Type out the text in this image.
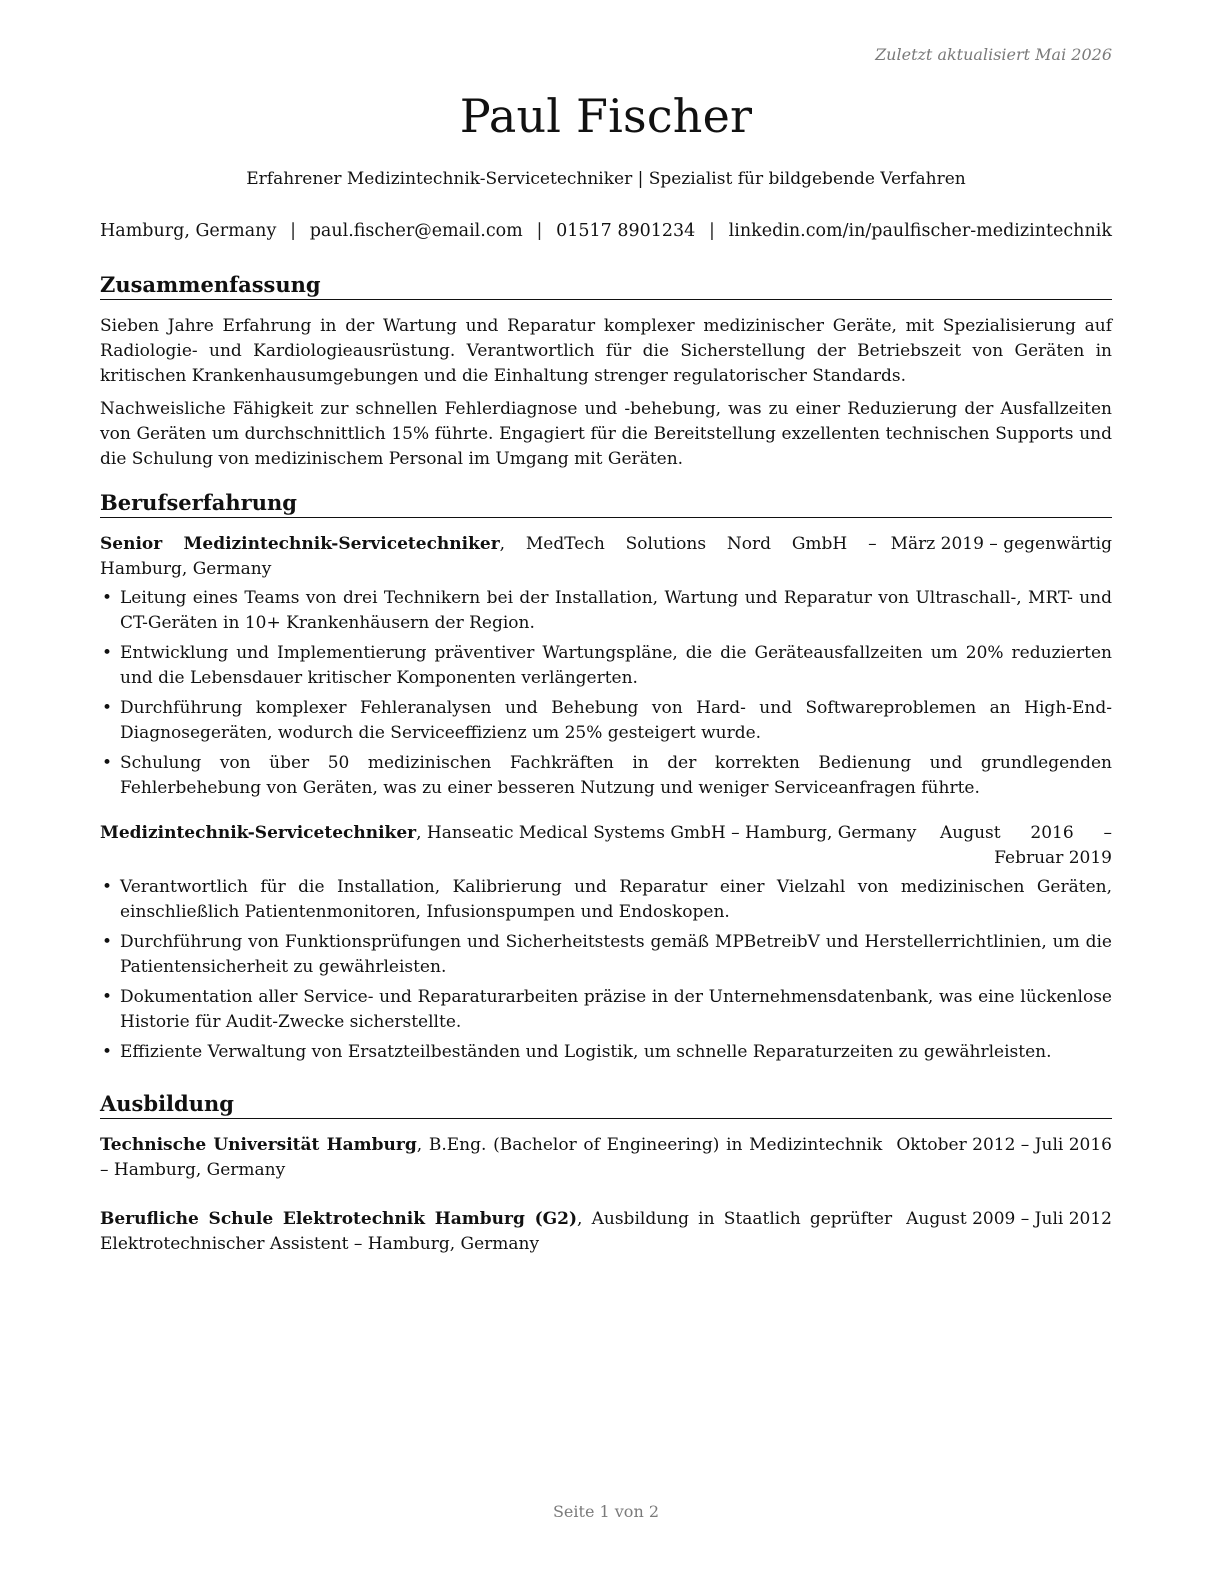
Zuletzt aktualisiert Mai 2026
Paul Fischer
Erfahrener Medizintechnik-Servicetechniker | Spezialist für bildgebende Verfahren
Hamburg, Germany | paul.fischer@email.com | 01517 8901234 | linkedin.com/in/paulfischer-medizintechnik
Zusammenfassung
Sieben Jahre Erfahrung in der Wartung und Reparatur komplexer medizinischer Geräte, mit Spezialisierung auf Radiologie- und Kardiologieausrüstung. Verantwortlich für die Sicherstellung der Betriebszeit von Geräten in kritischen Krankenhausumgebungen und die Einhaltung strenger regulatorischer Standards.
Nachweisliche Fähigkeit zur schnellen Fehlerdiagnose und -behebung, was zu einer Reduzierung der Ausfallzeiten von Geräten um durchschnittlich 15% führte. Engagiert für die Bereitstellung exzellenten technischen Supports und die Schulung von medizinischem Personal im Umgang mit Geräten.
Berufserfahrung
März 2019 – gegenwärtig
Senior Medizintechnik-Servicetechniker, MedTech Solutions Nord GmbH – Hamburg, Germany
• Leitung eines Teams von drei Technikern bei der Installation, Wartung und Reparatur von Ultraschall-, MRT- und CT-Geräten in 10+ Krankenhäusern der Region.
• Entwicklung und Implementierung präventiver Wartungspläne, die die Geräteausfallzeiten um 20% reduzierten und die Lebensdauer kritischer Komponenten verlängerten.
• Durchführung komplexer Fehleranalysen und Behebung von Hard- und Softwareproblemen an High-End-Diagnosegeräten, wodurch die Serviceeffizienz um 25% gesteigert wurde.
• Schulung von über 50 medizinischen Fachkräften in der korrekten Bedienung und grundlegenden Fehlerbehebung von Geräten, was zu einer besseren Nutzung und weniger Serviceanfragen führte.
August 2016 – Februar 2019
Medizintechnik-Servicetechniker, Hanseatic Medical Systems GmbH – Hamburg, Germany
• Verantwortlich für die Installation, Kalibrierung und Reparatur einer Vielzahl von medizinischen Geräten, einschließlich Patientenmonitoren, Infusionspumpen und Endoskopen.
• Durchführung von Funktionsprüfungen und Sicherheitstests gemäß MPBetreibV und Herstellerrichtlinien, um die Patientensicherheit zu gewährleisten.
• Dokumentation aller Service- und Reparaturarbeiten präzise in der Unternehmensdatenbank, was eine lückenlose Historie für Audit-Zwecke sicherstellte.
• Effiziente Verwaltung von Ersatzteilbeständen und Logistik, um schnelle Reparaturzeiten zu gewährleisten.
Ausbildung
Oktober 2012 – Juli 2016
Technische Universität Hamburg, B.Eng. (Bachelor of Engineering) in Medizintechnik – Hamburg, Germany
August 2009 – Juli 2012
Berufliche Schule Elektrotechnik Hamburg (G2), Ausbildung in Staatlich geprüfter Elektrotechnischer Assistent – Hamburg, Germany
Seite 1 von 2
